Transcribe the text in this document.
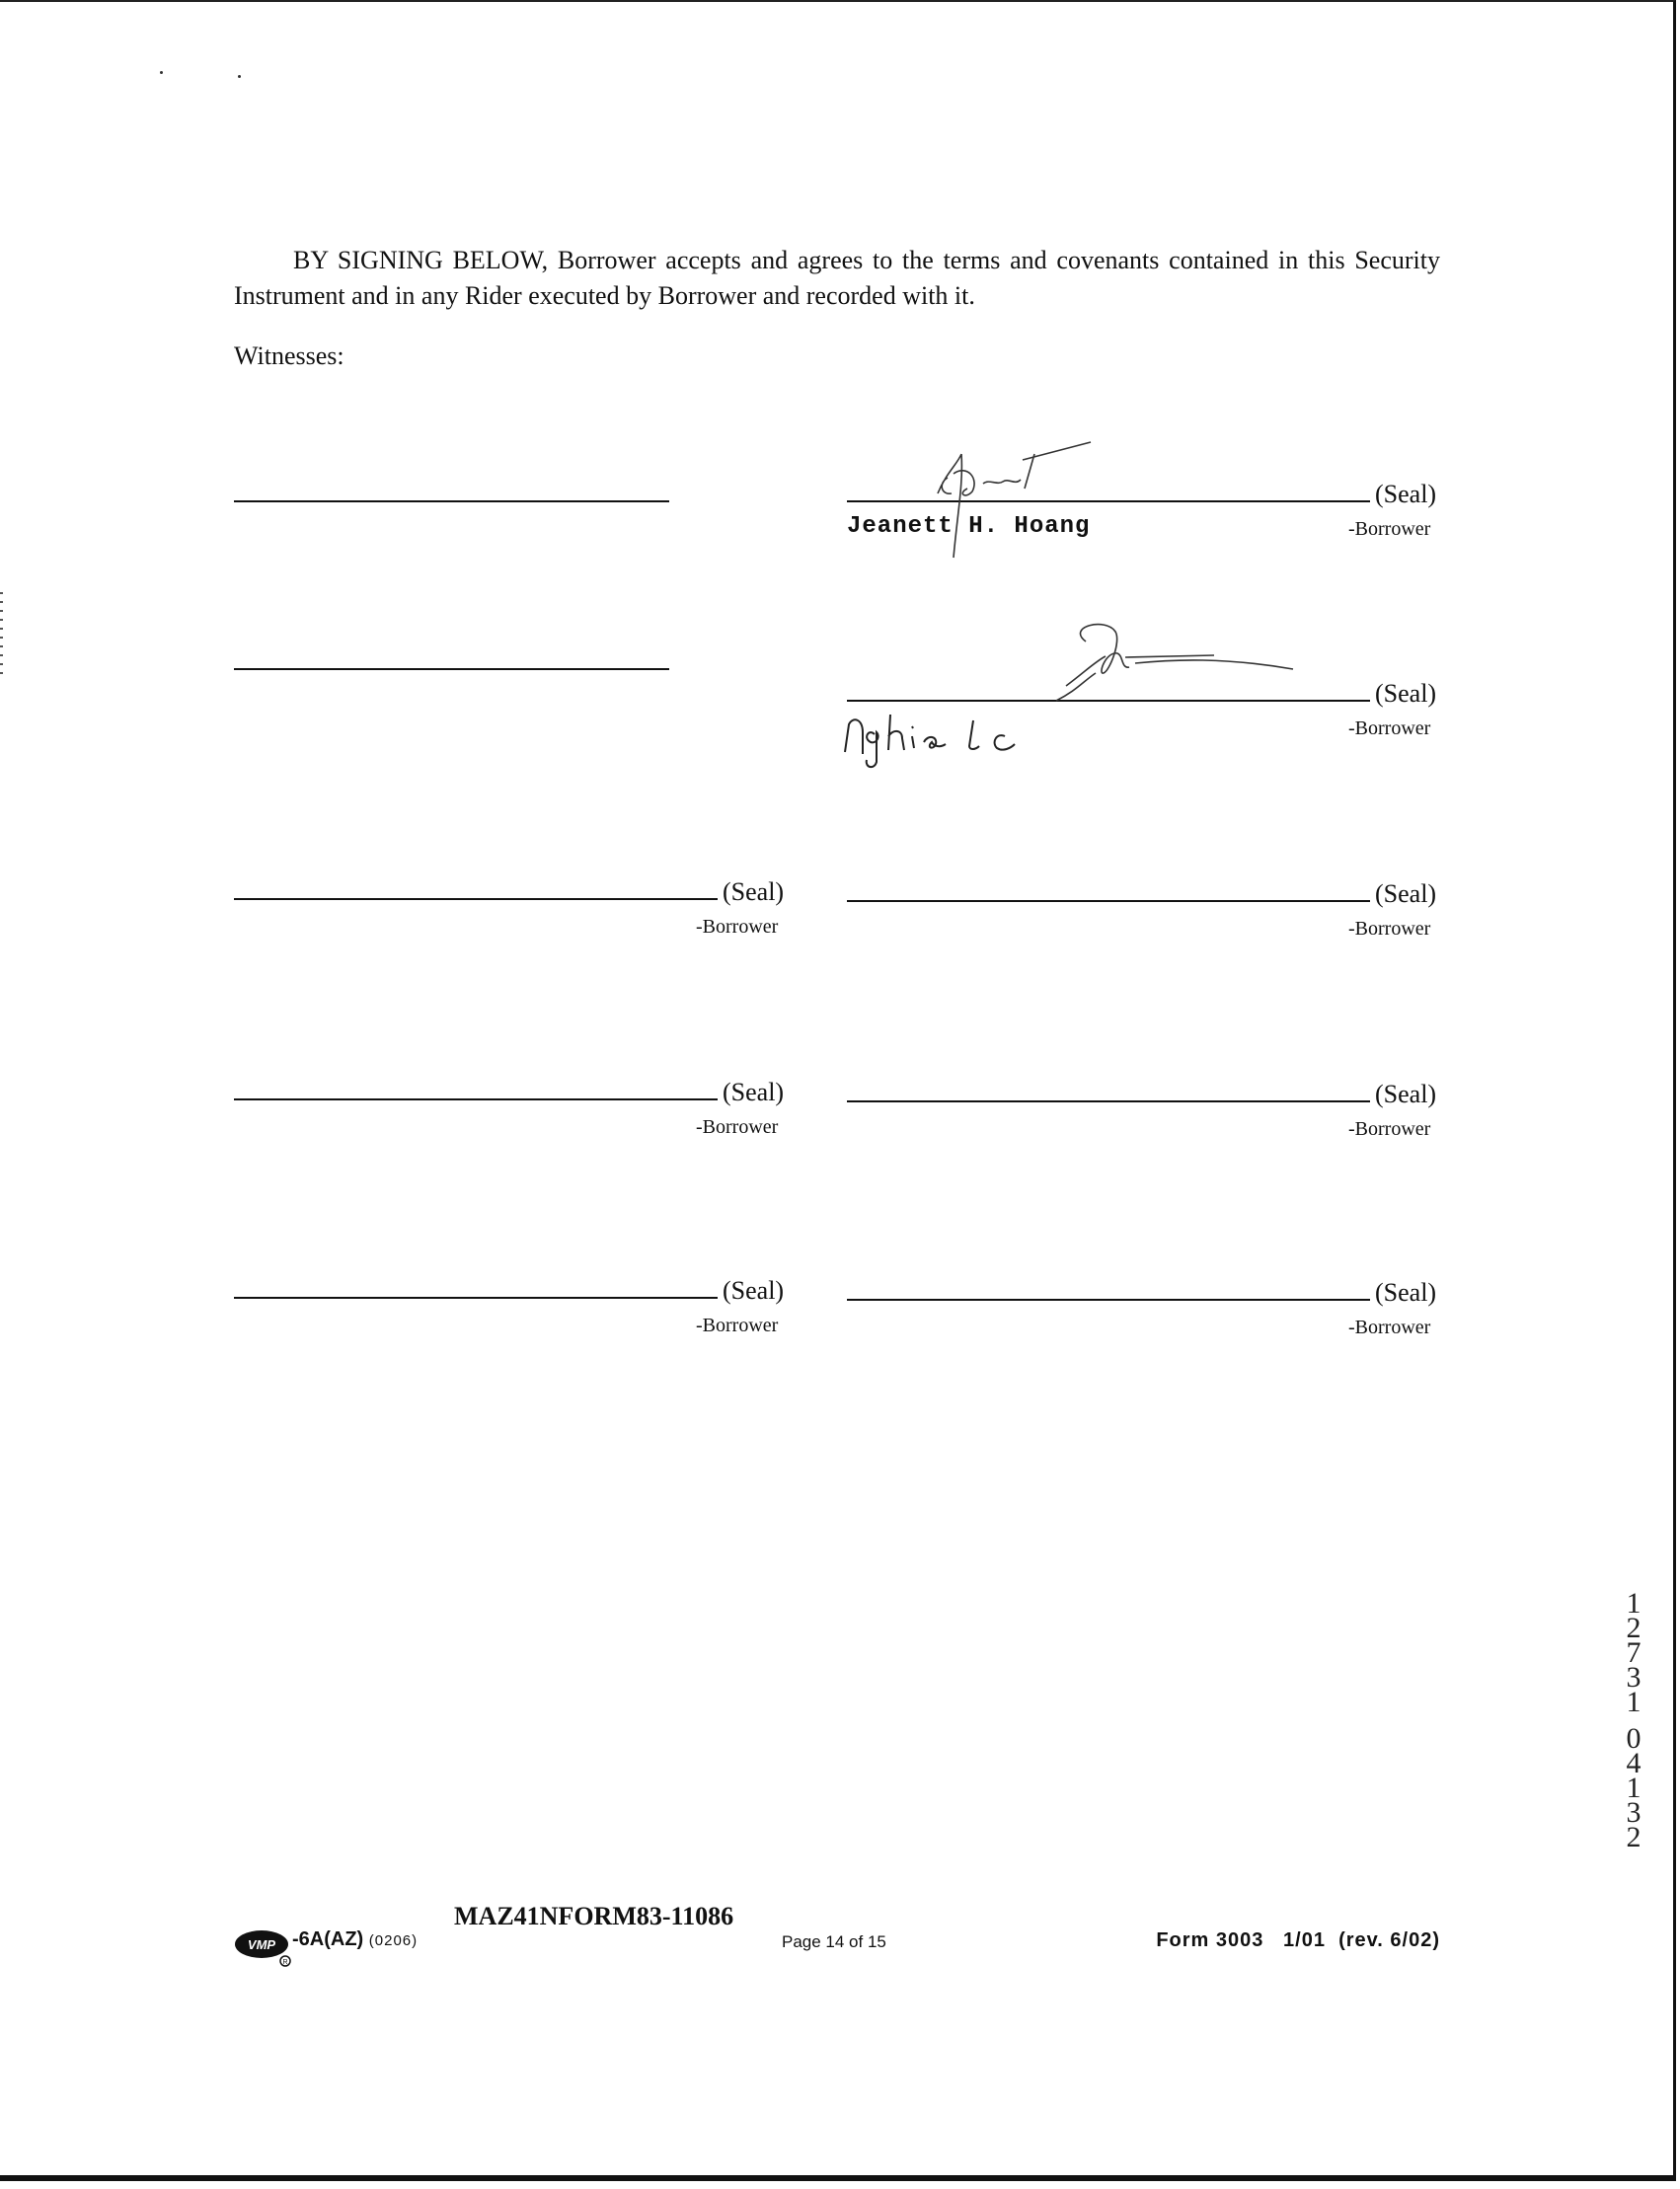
BY SIGNING BELOW, Borrower accepts and agrees to the terms and covenants contained in this Security Instrument and in any Rider executed by Borrower and recorded with it.

Witnesses:
(Seal)
-Borrower
Jeanett H. Hoang
(Seal)
-Borrower
(Seal)
-Borrower
(Seal)
-Borrower
(Seal)
-Borrower
(Seal)
-Borrower
(Seal)
-Borrower
(Seal)
-Borrower
1
2
7
3
1
0
4
1
3
2
VMP
R
-6A(AZ) (0206)
MAZ41NFORM83-11086
Page 14 of 15	Form 3003   1/01  (rev. 6/02)
